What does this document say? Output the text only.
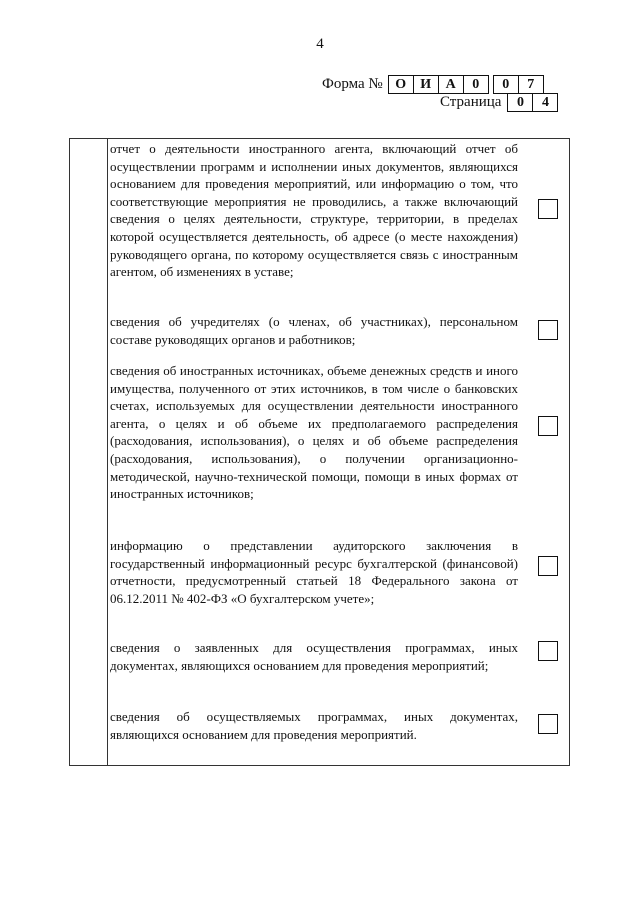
4
Форма № О	И	А	0	0	7
Страница	0	4
отчет о деятельности иностранного агента, включающий отчет об осуществлении программ и исполнении иных документов, являющихся основанием для проведения мероприятий, или информацию о том, что соответствующие мероприятия не проводились, а также включающий сведения о целях деятельности, структуре, территории, в пределах которой осуществляется деятельность, об адресе (о месте нахождения) руководящего органа, по которому осуществляется связь с иностранным агентом, об изменениях в уставе;
сведения об учредителях (о членах, об участниках), персональном составе руководящих органов и работников;
сведения об иностранных источниках, объеме денежных средств и иного имущества, полученного от этих источников, в том числе о банковских счетах, используемых для осуществлении деятельности иностранного агента, о целях и об объеме их предполагаемого распределения (расходования, использования), о целях и об объеме распределения (расходования, использования), о получении организационно-методической, научно-технической помощи, помощи в иных формах от иностранных источников;
информацию о представлении аудиторского заключения в государственный информационный ресурс бухгалтерской (финансовой) отчетности, предусмотренный статьей 18 Федерального закона от 06.12.2011 № 402-ФЗ «О бухгалтерском учете»;
сведения о заявленных для осуществления программах, иных документах, являющихся основанием для проведения мероприятий;
сведения об осуществляемых программах, иных документах, являющихся основанием для проведения мероприятий.
